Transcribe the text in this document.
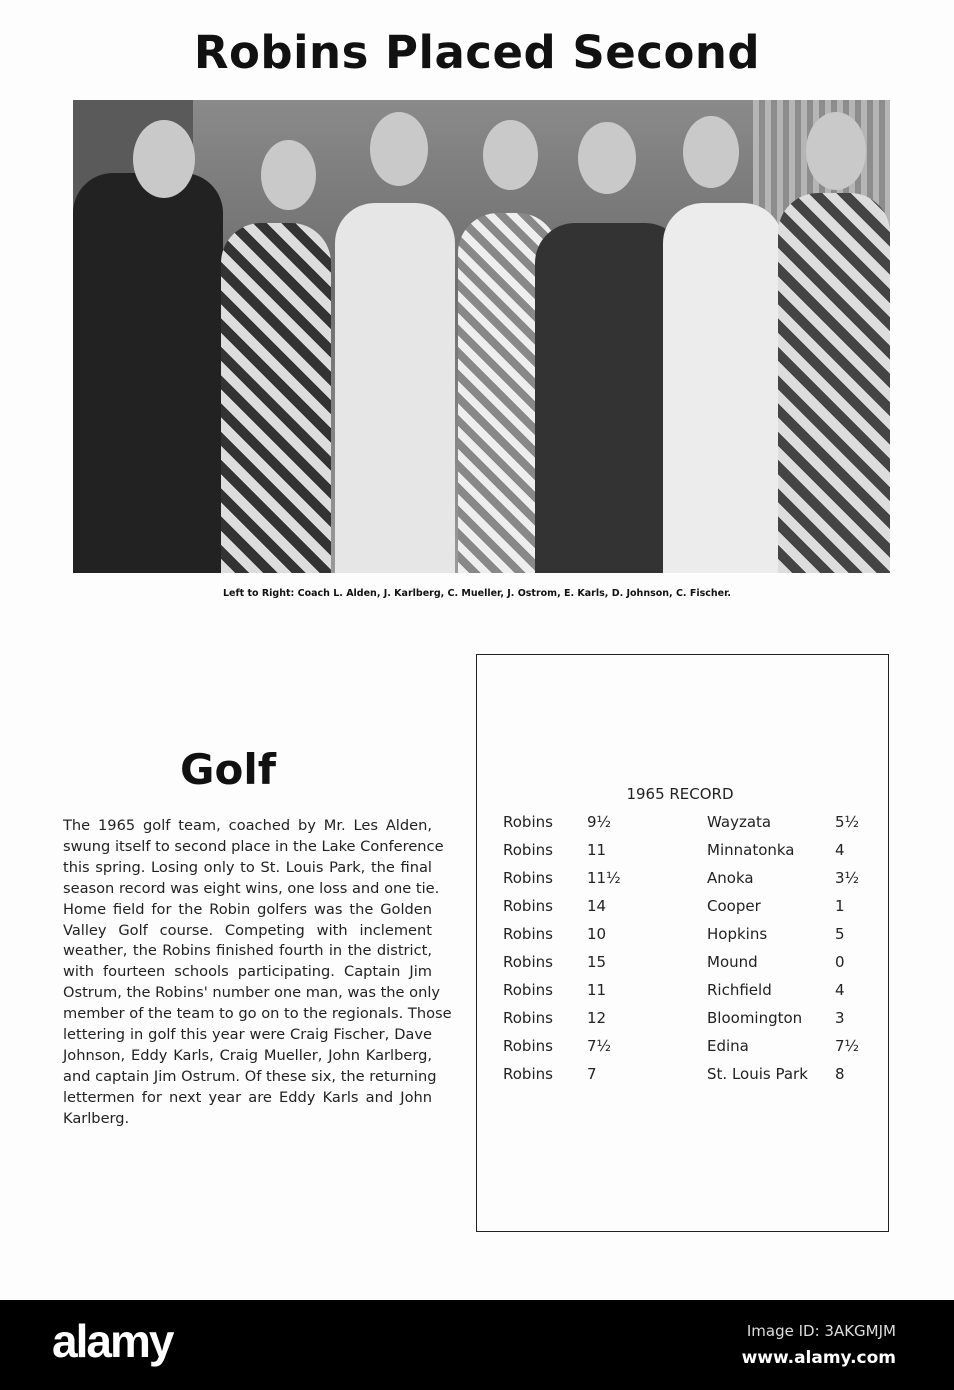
Robins Placed Second
Left to Right: Coach L. Alden, J. Karlberg, C. Mueller, J. Ostrom, E. Karls, D. Johnson, C. Fischer.
Golf
The 1965 golf team, coached by Mr. Les Alden,
swung itself to second place in the Lake Conference
this spring. Losing only to St. Louis Park, the final
season record was eight wins, one loss and one tie.
Home field for the Robin golfers was the Golden
Valley Golf course. Competing with inclement
weather, the Robins finished fourth in the district,
with fourteen schools participating. Captain Jim
Ostrum, the Robins' number one man, was the only
member of the team to go on to the regionals. Those
lettering in golf this year were Craig Fischer, Dave
Johnson, Eddy Karls, Craig Mueller, John Karlberg,
and captain Jim Ostrum. Of these six, the returning
lettermen for next year are Eddy Karls and John
Karlberg.
1965 RECORD
Robins 9½	Wayzata	5½
Robins 11	Minnatonka	4
Robins 11½	Anoka	3½
Robins 14	Cooper	1
Robins 10	Hopkins	5
Robins 15	Mound	0
Robins 11	Richfield	4
Robins 12	Bloomington 3
Robins 7½	Edina	7½
Robins 7	St. Louis Park 8
alamy	Image ID: 3AKGMJM
www.alamy.com
